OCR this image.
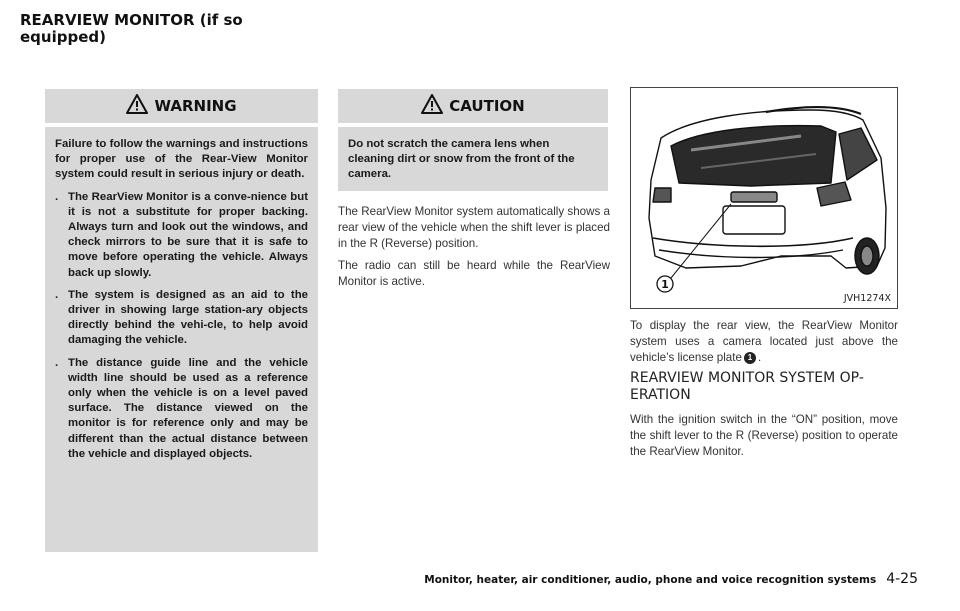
REARVIEW MONITOR (if so equipped)
WARNING

Failure to follow the warnings and instructions for proper use of the Rear-View Monitor system could result in serious injury or death.

. The RearView Monitor is a conve-nience but it is not a substitute for proper backing. Always turn and look out the windows, and check mirrors to be sure that it is safe to move before operating the vehicle. Always back up slowly.
. The system is designed as an aid to the driver in showing large station-ary objects directly behind the vehi-cle, to help avoid damaging the vehicle.
. The distance guide line and the vehicle width line should be used as a reference only when the vehicle is on a level paved surface. The distance viewed on the monitor is for reference only and may be different than the actual distance between the vehicle and displayed objects.
CAUTION
Do not scratch the camera lens when cleaning dirt or snow from the front of the camera.
The RearView Monitor system automatically shows a rear view of the vehicle when the shift lever is placed in the R (Reverse) position.
The radio can still be heard while the RearView Monitor is active.	1
JVH1274X
To display the rear view, the RearView Monitor system uses a camera located just above the vehicle’s license plate 1 .
REARVIEW MONITOR SYSTEM OP-ERATION
With the ignition switch in the “ON” position, move the shift lever to the R (Reverse) position to operate the RearView Monitor.
Monitor, heater, air conditioner, audio, phone and voice recognition systems 4-25
